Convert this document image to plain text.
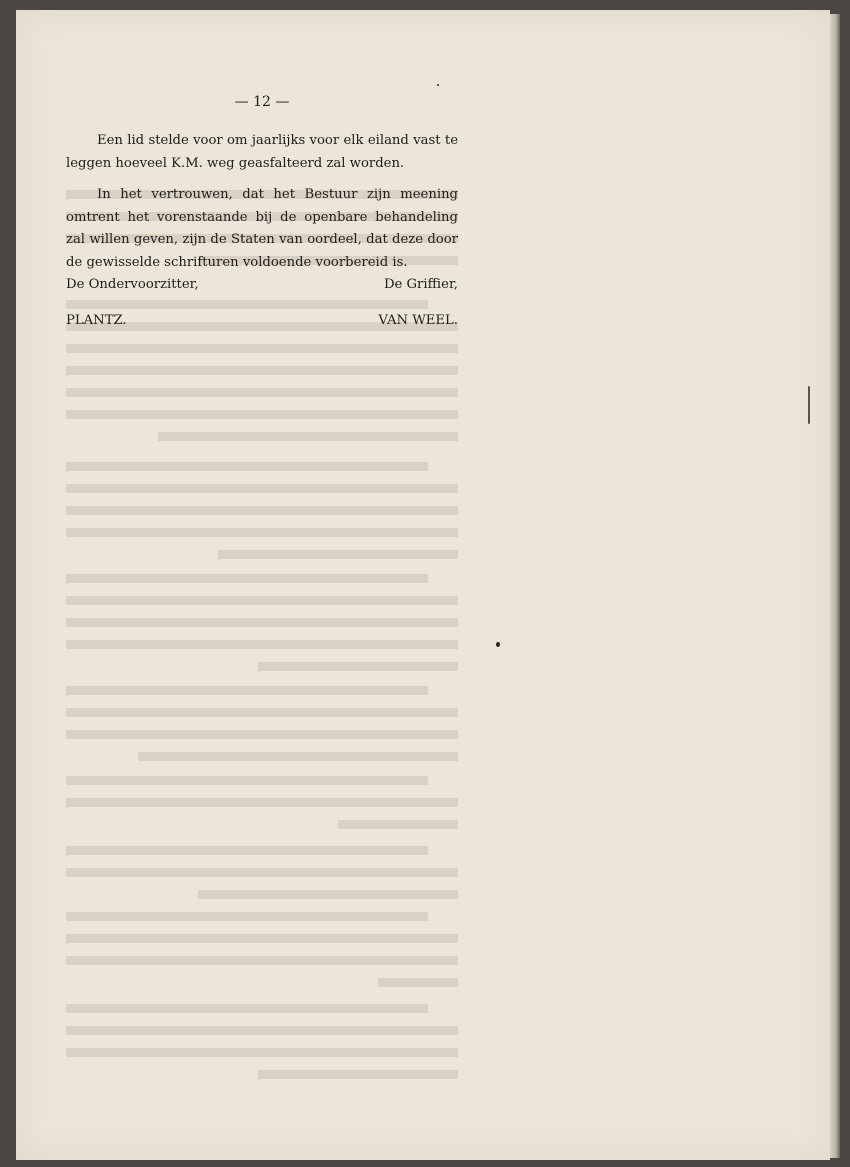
— 12 —
Een lid stelde voor om jaarlijks voor elk eiland vast te leggen hoeveel K.M. weg geasfalteerd zal worden.
In het vertrouwen, dat het Bestuur zijn meening omtrent het vorenstaande bij de openbare behandeling zal willen geven, zijn de Staten van oordeel, dat deze door de gewisselde schrifturen voldoende voorbereid is.
De Ondervoorzitter,	De Griffier,
PLANTZ.	VAN WEEL.
